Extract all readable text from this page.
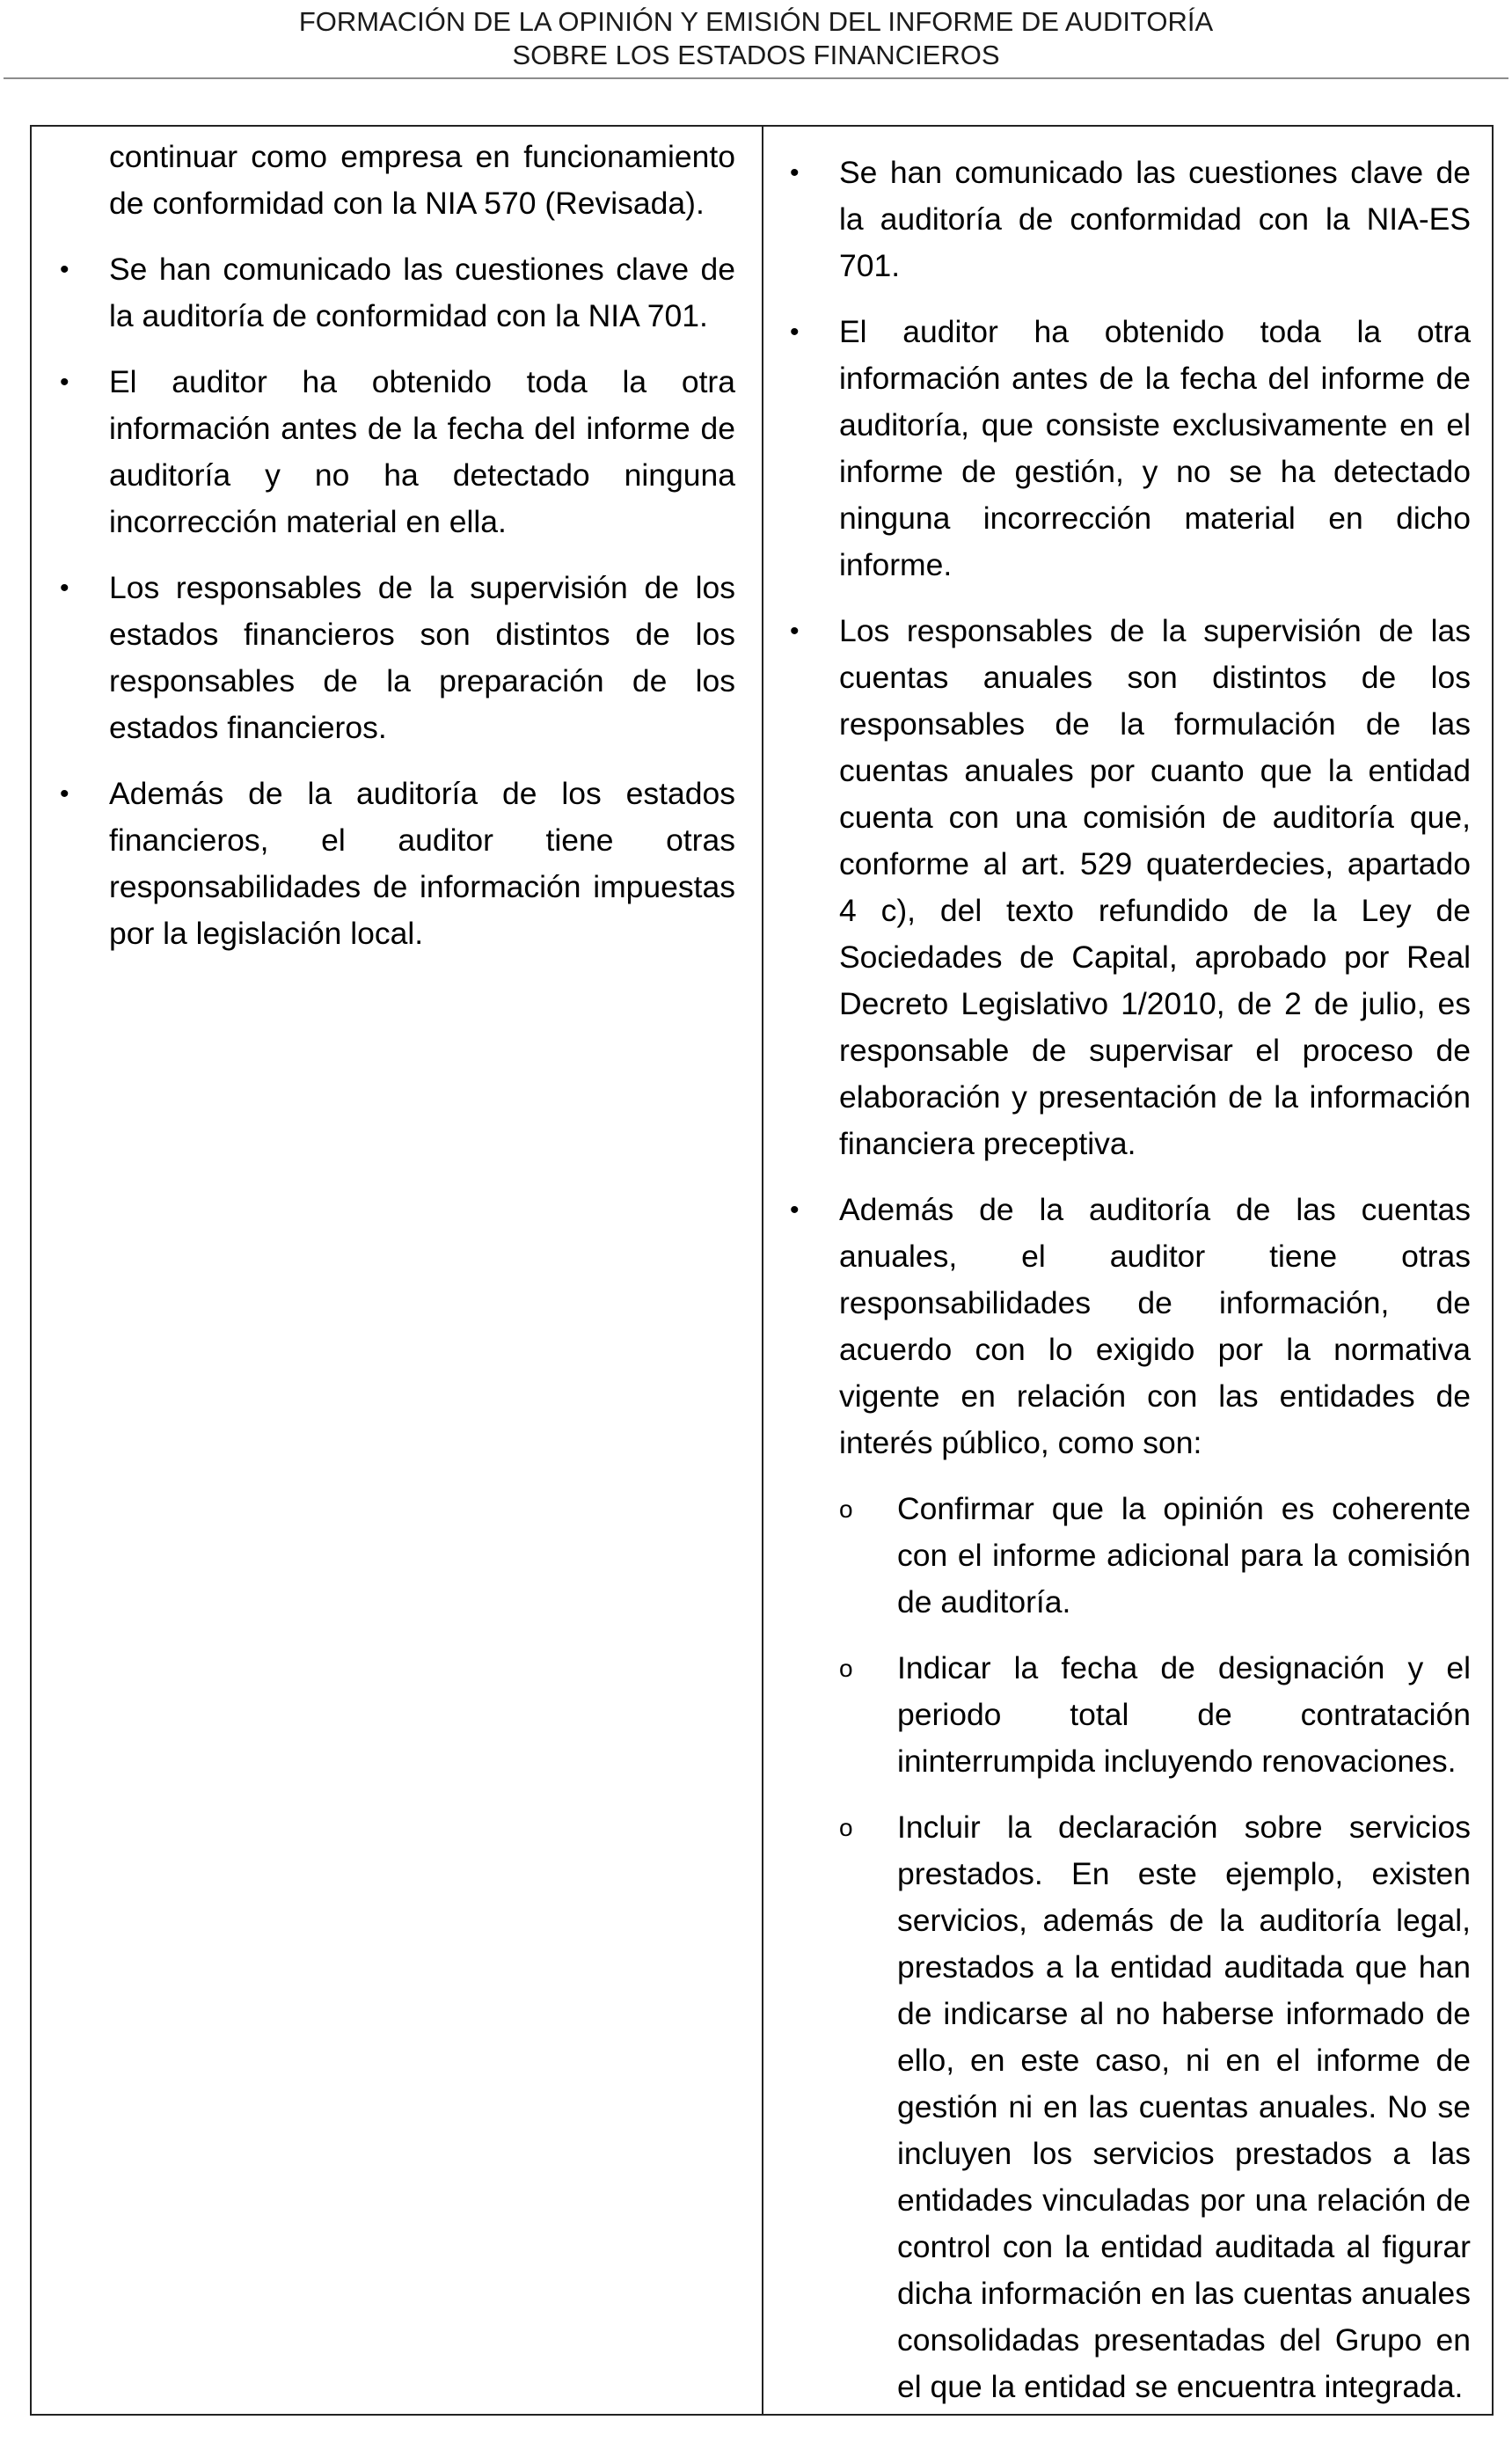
FORMACIÓN DE LA OPINIÓN Y EMISIÓN DEL INFORME DE AUDITORÍA
SOBRE LOS ESTADOS FINANCIEROS

continuar como empresa en funcionamiento de conformidad con la NIA 570 (Revisada).

•	Se han comunicado las cuestiones clave de la auditoría de conformidad con la NIA 701.
•	El auditor ha obtenido toda la otra información antes de la fecha del informe de auditoría y no ha detectado ninguna incorrección material en ella.
•	Los responsables de la supervisión de los estados financieros son distintos de los responsables de la preparación de los estados financieros.
•	Además de la auditoría de los estados financieros, el auditor tiene otras responsabilidades de información impuestas por la legislación local.
•	Se han comunicado las cuestiones clave de la auditoría de conformidad con la NIA-ES 701.
•	El auditor ha obtenido toda la otra información antes de la fecha del informe de auditoría, que consiste exclusivamente en el informe de gestión, y no se ha detectado ninguna incorrección material en dicho informe.
•	Los responsables de la supervisión de las cuentas anuales son distintos de los responsables de la formulación de las cuentas anuales por cuanto que la entidad cuenta con una comisión de auditoría que, conforme al art. 529 quaterdecies, apartado 4 c), del texto refundido de la Ley de Sociedades de Capital, aprobado por Real Decreto Legislativo 1/2010, de 2 de julio, es responsable de supervisar el proceso de elaboración y presentación de la información financiera preceptiva.
•	Además de la auditoría de las cuentas anuales, el auditor tiene otras responsabilidades de información, de acuerdo con lo exigido por la normativa vigente en relación con las entidades de interés público, como son:
o Confirmar que la opinión es coherente con el informe adicional para la comisión de auditoría.
o Indicar la fecha de designación y el periodo total de contratación ininterrumpida incluyendo renovaciones.
o Incluir la declaración sobre servicios prestados. En este ejemplo, existen servicios, además de la auditoría legal, prestados a la entidad auditada que han de indicarse al no haberse informado de ello, en este caso, ni en el informe de gestión ni en las cuentas anuales. No se incluyen los servicios prestados a las entidades vinculadas por una relación de control con la entidad auditada al figurar dicha información en las cuentas anuales consolidadas presentadas del Grupo en el que la entidad se encuentra integrada.
